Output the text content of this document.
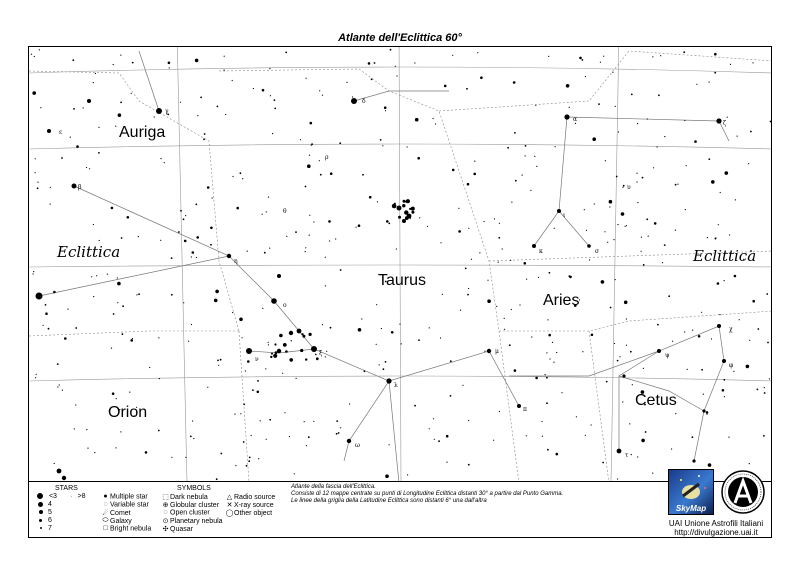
β
ε
γ
δ
α
ζ
η
ο
ξ
ν
λ
μ
π
ω
τ
ψ
χ
φ
ι
κ	σ
ρ
θ
υ
Atlante dell'Eclittica 60°
Auriga
Taurus
Aries
Orion
Cetus
Eclittica	Eclittica
STARS
<3	· >8
4
5
6
7
SYMBOLS
● Multiple star
◌ Variable star
☄Comet
⬭ Galaxy
□ Bright nebula
⬚Dark nebula
⊕ Globular cluster
◌ Open cluster
⊙ Planetary nebula
✣ Quasar
△ Radio source
✕ X-ray source
◯Other object
Atlante della fascia dell'Eclittica.
Consiste di 12 mappe centrate su punti di Longitudine Eclittica distanti 30° a partire dal Punto Gamma.
Le linee della griglia della Latitudine Eclittica sono distanti 6° una dall'altra
SkyMap
UAI Unione Astrofili Italiani
http://divulgazione.uai.it
